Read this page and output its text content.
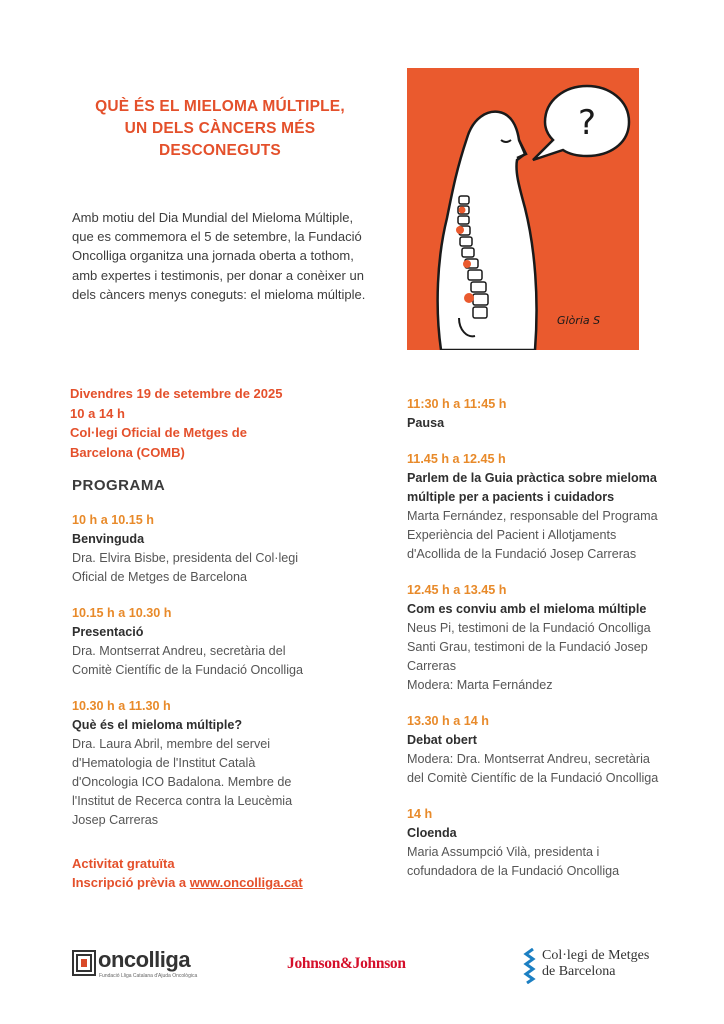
QUÈ ÉS EL MIELOMA MÚLTIPLE,
UN DELS CÀNCERS MÉS
DESCONEGUTS
Amb motiu del Dia Mundial del Mieloma Múltiple, que es commemora el 5 de setembre, la Fundació Oncolliga organitza una jornada oberta a tothom, amb expertes i testimonis, per donar a conèixer un dels càncers menys coneguts: el mieloma múltiple.
?
Glòria S
Divendres 19 de setembre de 2025
10 a 14 h
Col·legi Oficial de Metges de
Barcelona (COMB)
PROGRAMA
10 h a 10.15 h
Benvinguda
Dra. Elvira Bisbe, presidenta del Col·legi
Oficial de Metges de Barcelona
10.15 h a 10.30 h
Presentació
Dra. Montserrat Andreu, secretària del
Comitè Científic de la Fundació Oncolliga
10.30 h a 11.30 h
Què és el mieloma múltiple?
Dra. Laura Abril, membre del servei
d'Hematologia de l'Institut Català
d'Oncologia ICO Badalona. Membre de
l'Institut de Recerca contra la Leucèmia
Josep Carreras
11:30 h a 11:45 h
Pausa
11.45 h a 12.45 h
Parlem de la Guia pràctica sobre mieloma
múltiple per a pacients i cuidadors
Marta Fernández, responsable del Programa
Experiència del Pacient i Allotjaments
d'Acollida de la Fundació Josep Carreras
12.45 h a 13.45 h
Com es conviu amb el mieloma múltiple
Neus Pi, testimoni de la Fundació Oncolliga
Santi Grau, testimoni de la Fundació Josep
Carreras
Modera: Marta Fernández
13.30 h a 14 h
Debat obert
Modera: Dra. Montserrat Andreu, secretària
del Comitè Científic de la Fundació Oncolliga
14 h
Cloenda
Maria Assumpció Vilà, presidenta i
cofundadora de la Fundació Oncolliga
Activitat gratuïta
Inscripció prèvia a www.oncolliga.cat
oncolliga
Fundació Lliga Catalana d'Ajuda Oncològica
Johnson&Johnson	Col·legi de Metges
de Barcelona
